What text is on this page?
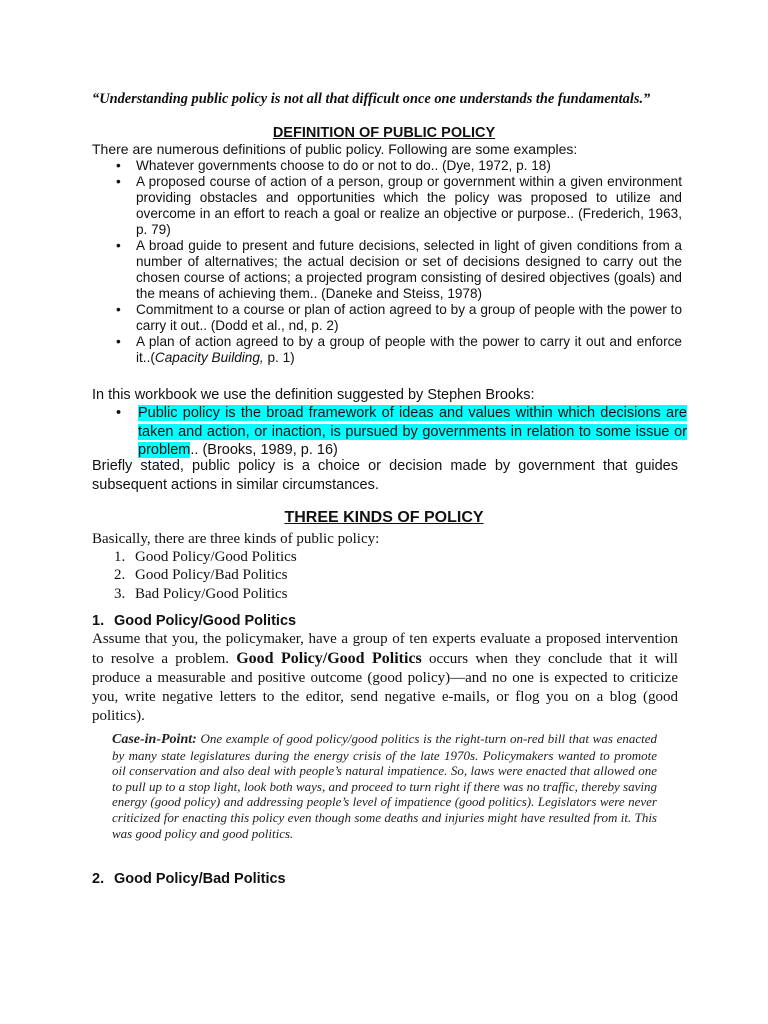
“Understanding public policy is not all that difficult once one understands the fundamentals.”
DEFINITION OF PUBLIC POLICY
There are numerous definitions of public policy. Following are some examples:
• Whatever governments choose to do or not to do.. (Dye, 1972, p. 18)
• A proposed course of action of a person, group or government within a given environment providing obstacles and opportunities which the policy was proposed to utilize and overcome in an effort to reach a goal or realize an objective or purpose.. (Frederich, 1963, p. 79)
• A broad guide to present and future decisions, selected in light of given conditions from a number of alternatives; the actual decision or set of decisions designed to carry out the chosen course of actions; a projected program consisting of desired objectives (goals) and the means of achieving them.. (Daneke and Steiss, 1978)
• Commitment to a course or plan of action agreed to by a group of people with the power to carry it out.. (Dodd et al., nd, p. 2)
• A plan of action agreed to by a group of people with the power to carry it out and enforce it..(Capacity Building, p. 1)
In this workbook we use the definition suggested by Stephen Brooks:
• Public policy is the broad framework of ideas and values within which decisions are taken and action, or inaction, is pursued by governments in relation to some issue or problem.. (Brooks, 1989, p. 16)
Briefly stated, public policy is a choice or decision made by government that guides subsequent actions in similar circumstances.
THREE KINDS OF POLICY
Basically, there are three kinds of public policy:
1. Good Policy/Good Politics
2. Good Policy/Bad Politics
3. Bad Policy/Good Politics
1. Good Policy/Good Politics
Assume that you, the policymaker, have a group of ten experts evaluate a proposed intervention to resolve a problem. Good Policy/Good Politics occurs when they conclude that it will produce a measurable and positive outcome (good policy)—and no one is expected to criticize you, write negative letters to the editor, send negative e-mails, or flog you on a blog (good politics).
Case-in-Point: One example of good policy/good politics is the right-turn on-red bill that was enacted by many state legislatures during the energy crisis of the late 1970s. Policymakers wanted to promote oil conservation and also deal with people’s natural impatience. So, laws were enacted that allowed one to pull up to a stop light, look both ways, and proceed to turn right if there was no traffic, thereby saving energy (good policy) and addressing people’s level of impatience (good politics). Legislators were never criticized for enacting this policy even though some deaths and injuries might have resulted from it. This was good policy and good politics.
2. Good Policy/Bad Politics
